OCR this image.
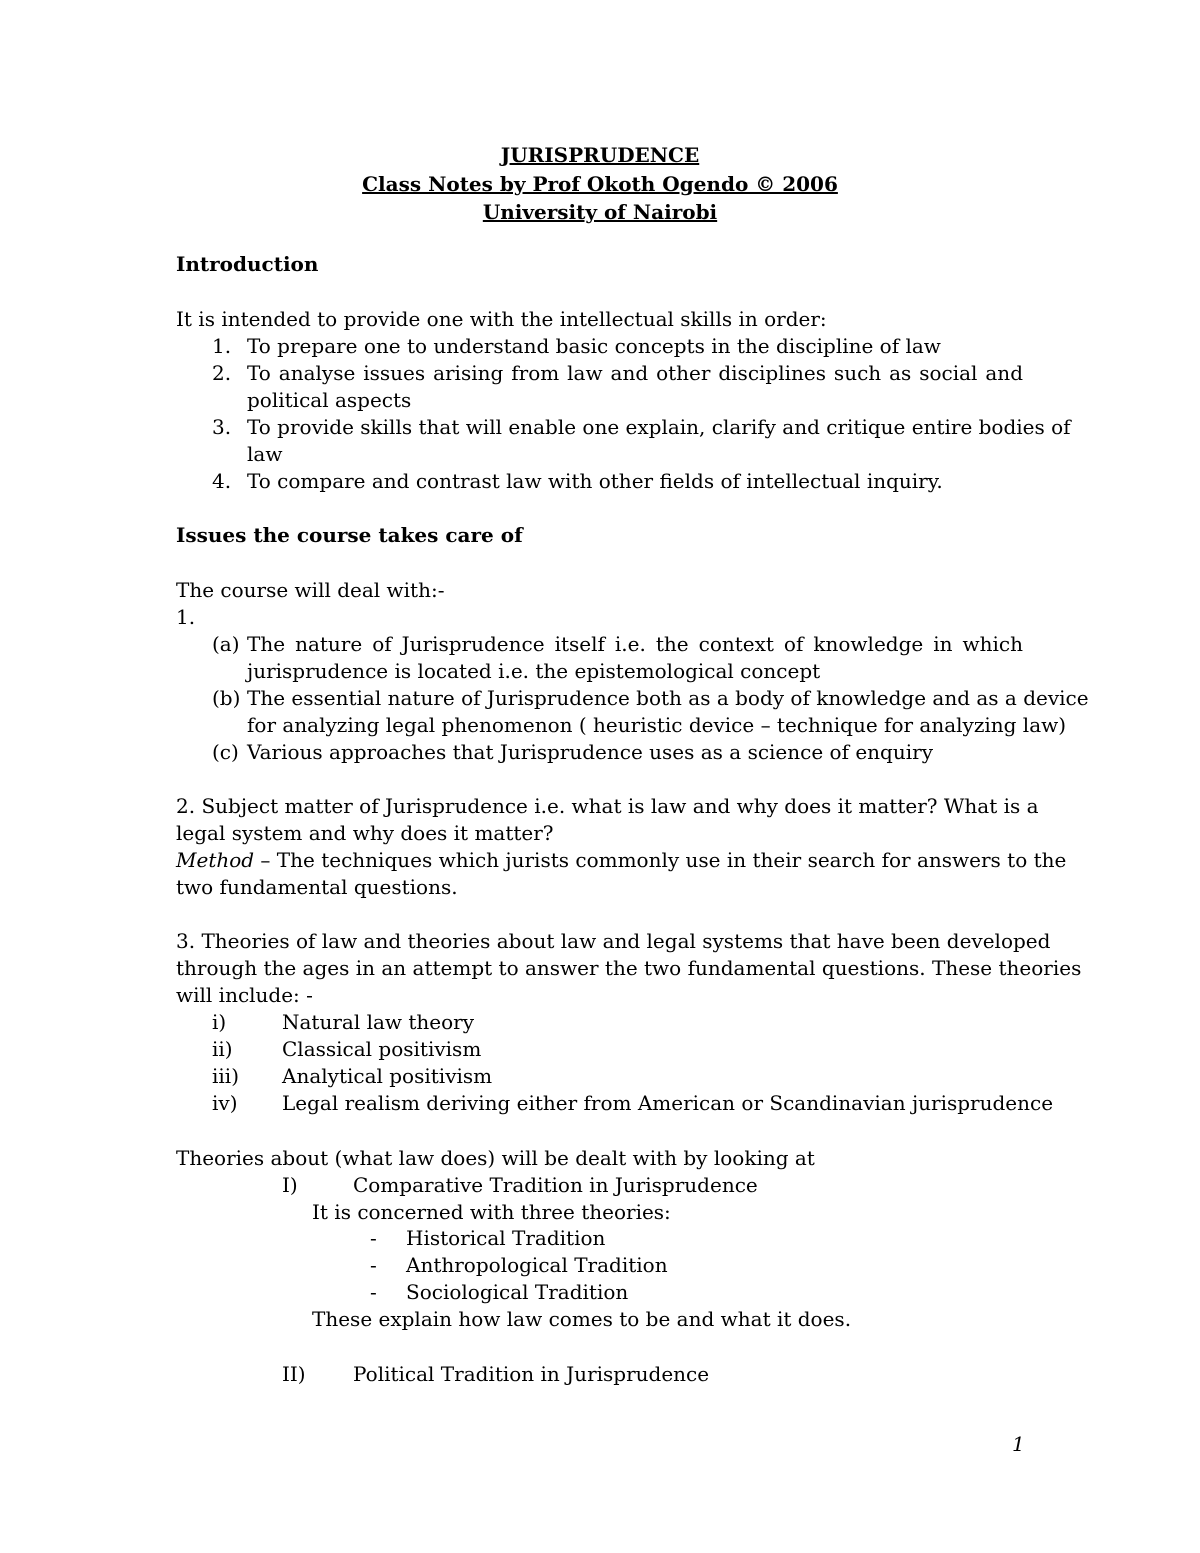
JURISPRUDENCE
Class Notes by Prof Okoth Ogendo © 2006
University of Nairobi
Introduction
It is intended to provide one with the intellectual skills in order:
1. To prepare one to understand basic concepts in the discipline of law
2. To analyse issues arising from law and other disciplines such as social and
political aspects
3. To provide skills that will enable one explain, clarify and critique entire bodies of
law
4. To compare and contrast law with other fields of intellectual inquiry.
Issues the course takes care of
The course will deal with:-
1.
(a) The nature of Jurisprudence itself i.e. the context of knowledge in which
jurisprudence is located i.e. the epistemological concept
(b) The essential nature of Jurisprudence both as a body of knowledge and as a device
for analyzing legal phenomenon ( heuristic device – technique for analyzing law)
(c) Various approaches that Jurisprudence uses as a science of enquiry
2. Subject matter of Jurisprudence i.e. what is law and why does it matter? What is a
legal system and why does it matter?
Method – The techniques which jurists commonly use in their search for answers to the
two fundamental questions.
3. Theories of law and theories about law and legal systems that have been developed
through the ages in an attempt to answer the two fundamental questions. These theories
will include: -
i)	Natural law theory
ii) Classical positivism
iii) Analytical positivism
iv) Legal realism deriving either from American or Scandinavian jurisprudence
Theories about (what law does) will be dealt with by looking at
I)	Comparative Tradition in Jurisprudence
It is concerned with three theories:
- Historical Tradition
- Anthropological Tradition
- Sociological Tradition
These explain how law comes to be and what it does.
II) Political Tradition in Jurisprudence
1
